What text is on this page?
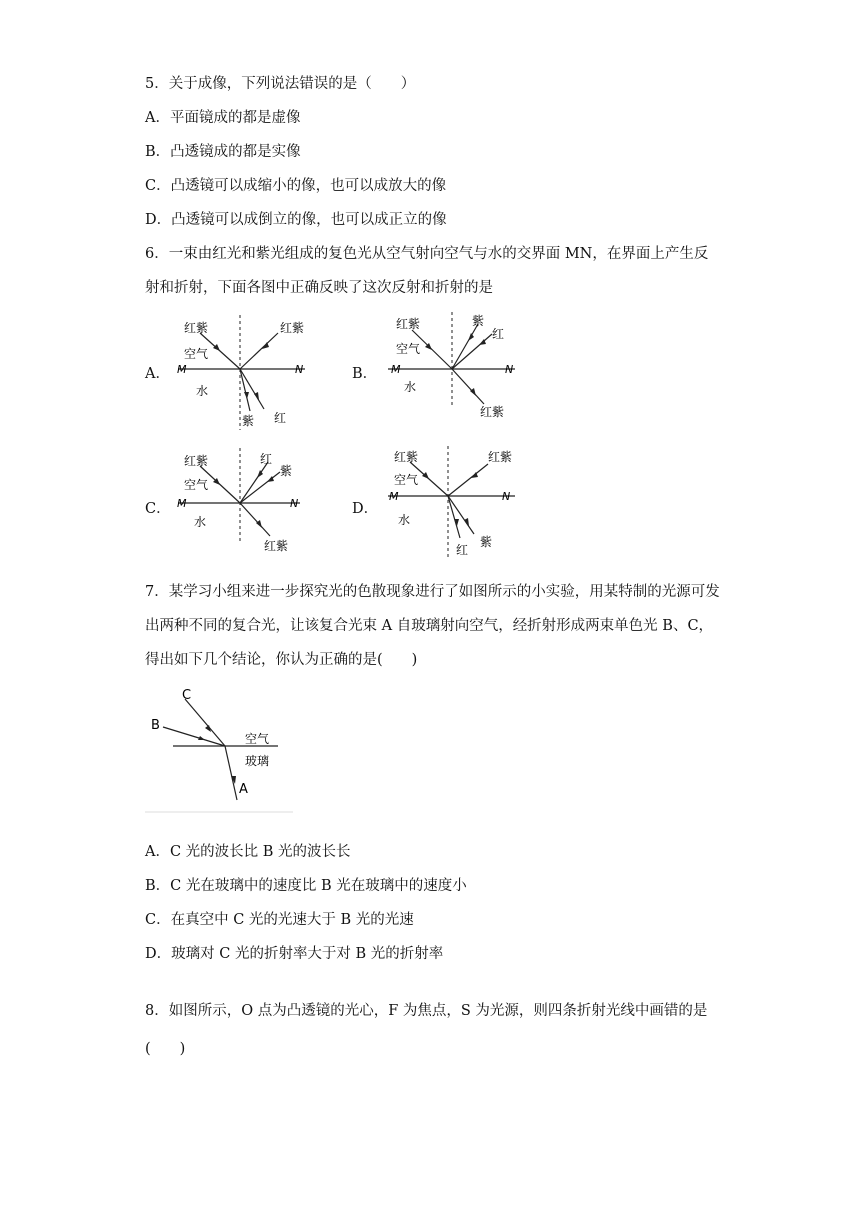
5．关于成像，下列说法错误的是（　　）
A．平面镜成的都是虚像
B．凸透镜成的都是实像
C．凸透镜可以成缩小的像，也可以成放大的像
D．凸透镜可以成倒立的像，也可以成正立的像
6．一束由红光和紫光组成的复色光从空气射向空气与水的交界面 MN，在界面上产生反射和折射，下面各图中正确反映了这次反射和折射的是
A．	B．
C．	D．
红紫	红紫
空气
M	N
水
紫 红
红紫	紫
红
空气
M	N
水
红紫
红紫	红
紫
空气
M	N
水
红紫
红紫	红紫
空气
M	N
水
红
紫
7．某学习小组来进一步探究光的色散现象进行了如图所示的小实验，用某特制的光源可发出两种不同的复合光，让该复合光束 A 自玻璃射向空气，经折射形成两束单色光 B、C，得出如下几个结论，你认为正确的是(　　)
C
B
A
空气
玻璃
A．C 光的波长比 B 光的波长长
B．C 光在玻璃中的速度比 B 光在玻璃中的速度小
C．在真空中 C 光的光速大于 B 光的光速
D．玻璃对 C 光的折射率大于对 B 光的折射率
8．如图所示，O 点为凸透镜的光心，F 为焦点，S 为光源，则四条折射光线中画错的是(　　)
